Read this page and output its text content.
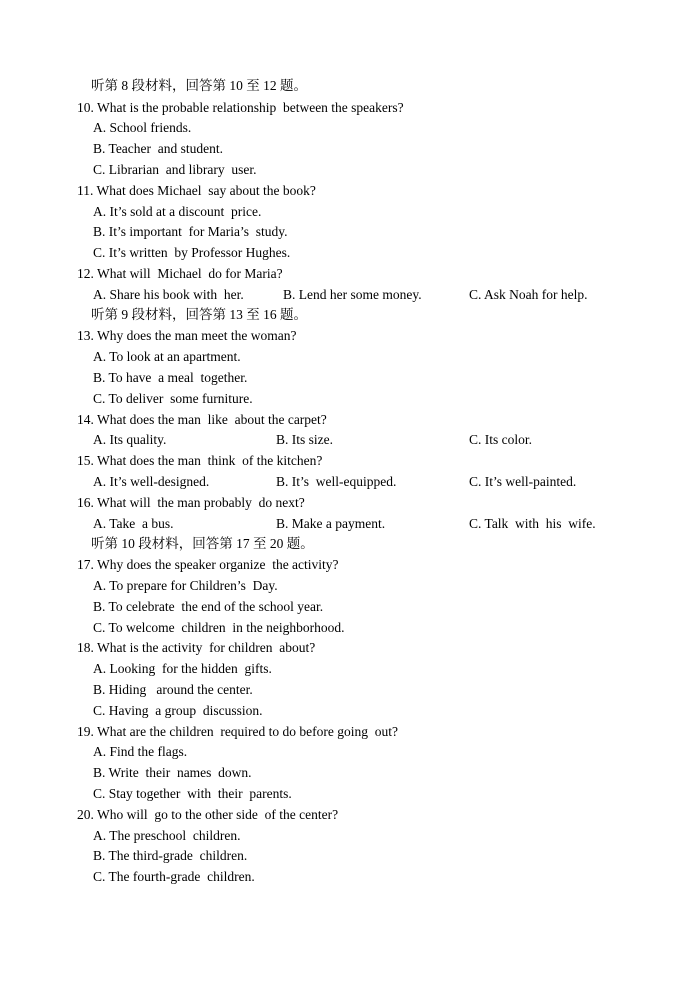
听第 8 段材料，回答第 10 至 12 题。
10. What is the probable relationship  between the speakers?
A. School friends.
B. Teacher  and student.
C. Librarian  and library  user.
11. What does Michael  say about the book?
A. It’s sold at a discount  price.
B. It’s important  for Maria’s  study.
C. It’s written  by Professor Hughes.
12. What will  Michael  do for Maria?
A. Share his book with  her.	B. Lend her some money.	C. Ask Noah for help.
听第 9 段材料，回答第 13 至 16 题。
13. Why does the man meet the woman?
A. To look at an apartment.
B. To have  a meal  together.
C. To deliver  some furniture.
14. What does the man  like  about the carpet?
A. Its quality.	B. Its size.	C. Its color.
15. What does the man  think  of the kitchen?
A. It’s well-designed.	B. It’s  well-equipped.	C. It’s well-painted.
16. What will  the man probably  do next?
A. Take  a bus.	B. Make a payment.	C. Talk  with  his  wife.
听第 10 段材料，回答第 17 至 20 题。
17. Why does the speaker organize  the activity?
A. To prepare for Children’s  Day.
B. To celebrate  the end of the school year.
C. To welcome  children  in the neighborhood.
18. What is the activity  for children  about?
A. Looking  for the hidden  gifts.
B. Hiding   around the center.
C. Having  a group  discussion.
19. What are the children  required to do before going  out?
A. Find the flags.
B. Write  their  names  down.
C. Stay together  with  their  parents.
20. Who will  go to the other side  of the center?
A. The preschool  children.
B. The third-grade  children.
C. The fourth-grade  children.
